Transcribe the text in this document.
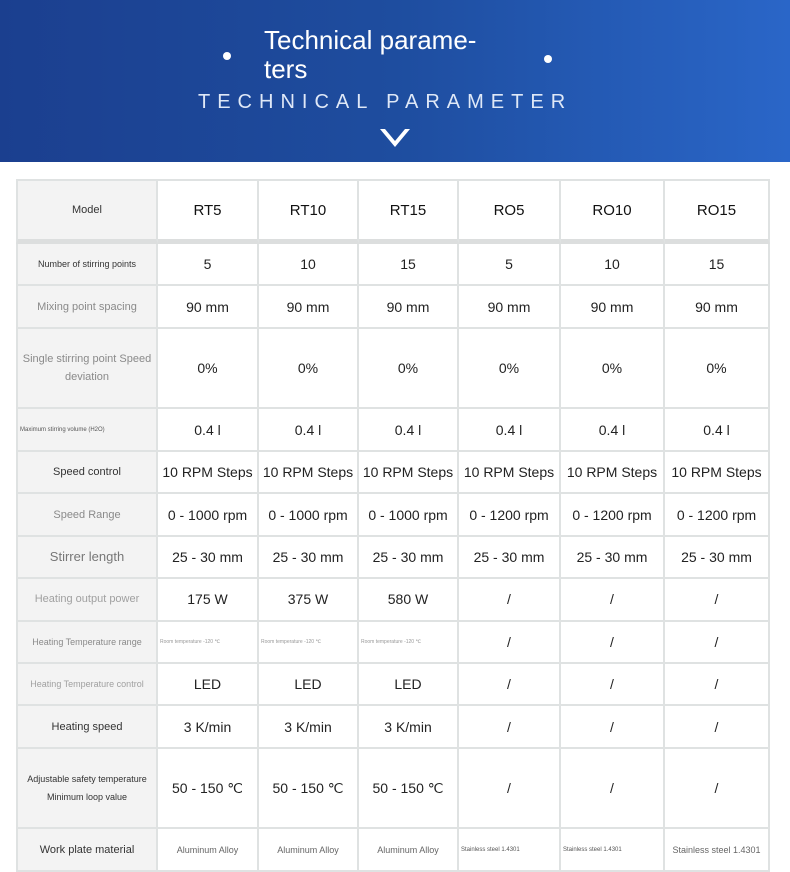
Technical parame-ters
TECHNICAL PARAMETER
Model	RT5	RT10	RT15	RO5	RO10	RO15
Number of stirring points	5	10	15	5	10	15
Mixing point spacing	90 mm	90 mm	90 mm	90 mm	90 mm	90 mm
Single stirring point Speed deviation	0%	0%	0%	0%	0%	0%
Maximum stirring volume (H2O)	0.4 l	0.4 l	0.4 l	0.4 l	0.4 l	0.4 l
Speed control	10 RPM Steps	10 RPM Steps	10 RPM Steps	10 RPM Steps	10 RPM Steps	10 RPM Steps
Speed Range	0 - 1000 rpm	0 - 1000 rpm	0 - 1000 rpm	0 - 1200 rpm	0 - 1200 rpm	0 - 1200 rpm
Stirrer length	25 - 30 mm	25 - 30 mm	25 - 30 mm	25 - 30 mm	25 - 30 mm	25 - 30 mm
Heating output power	175 W	375 W	580 W	/	/	/
Heating Temperature range	Room temperature -120 ℃	Room temperature -120 ℃	Room temperature -120 ℃	/	/	/
Heating Temperature control	LED	LED	LED	/	/	/
Heating speed	3 K/min	3 K/min	3 K/min	/	/	/
Adjustable safety temperature Minimum loop value	50 - 150 ℃	50 - 150 ℃	50 - 150 ℃	/	/	/
Work plate material	Aluminum Alloy	Aluminum Alloy	Aluminum Alloy	Stainless steel 1.4301	Stainless steel 1.4301	Stainless steel 1.4301
